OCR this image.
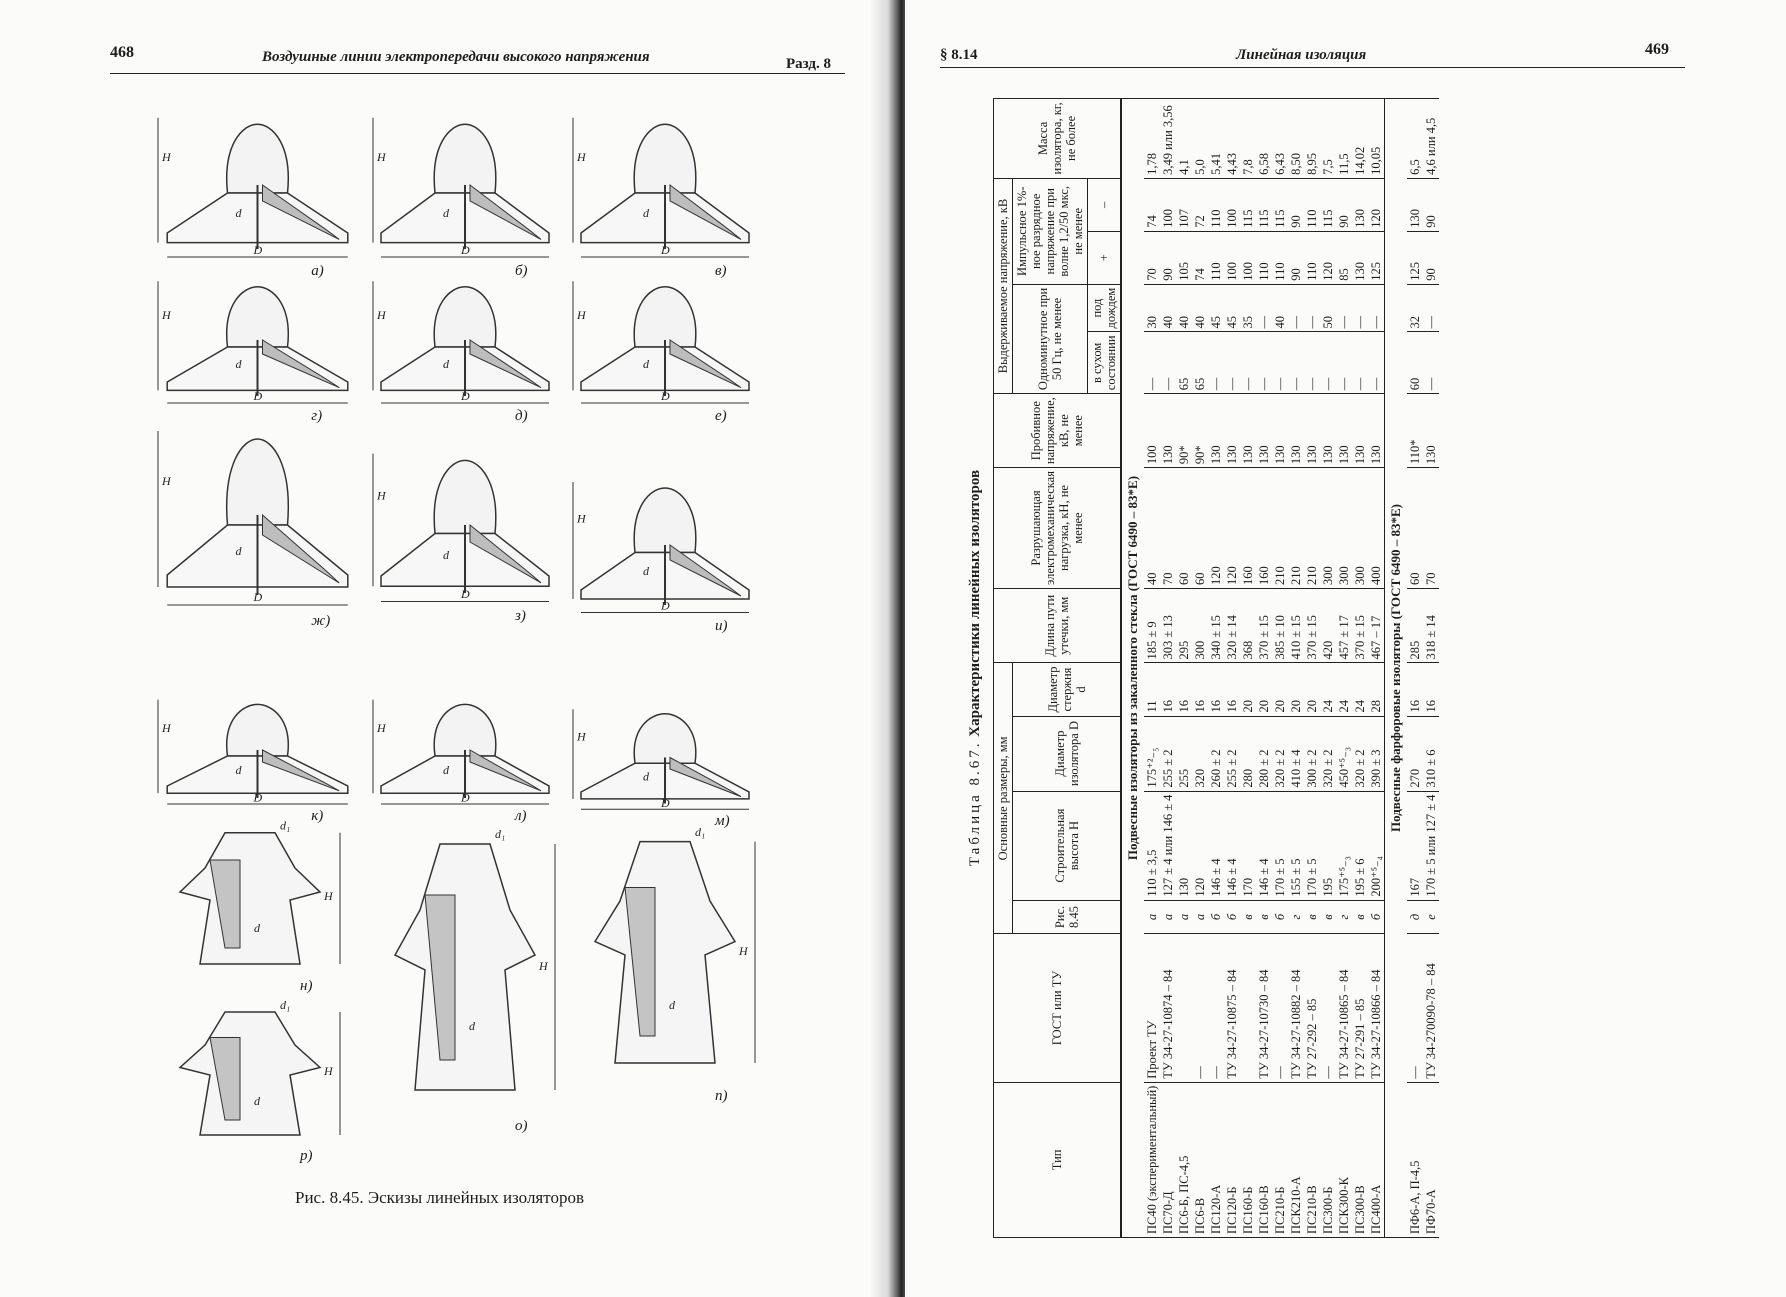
468	Воздушные линии электропередачи высокого напряжения	Разд. 8
H
D
d
а)
H
D
d
б)
H
D
d
в)
H
D
d
г)
H
D
d
д)
H
D
d
е)
H
D
d
ж)
H
D
d
з)
H
D
d
и)
H
D
d
к)
H
D
d
л)
H
D
d
м)
H
d
d₁
н)
H
d
d₁
о)
H
d
d₁
п)
H
d
d₁
р)
Рис. 8.45. Эскизы линейных изоляторов
§ 8.14	Линейная изоляция	469
Таблица 8.67. Характеристики линейных изоляторов
Тип	ГОСТ или ТУ	Основные размеры, мм				Длина пути утечки, мм	Разрушающая электромеханическая нагрузка, кН, не менее	Пробивное напряжение, кВ, не менее	Выдерживаемое напряжение, кВ				Масса изолятора, кг, не более
		Рис. 8.45	Строительная высота H	Диаметр изолятора D	Диаметр стержня d				Одноминутное при 50 Гц, не менее		Импульсное 1%-ное разрядное напряжение при волне 1,2/50 мкс, не менее		
									в сухом состоянии	под дождем	+	–	
Подвесные изоляторы из закаленного стекла (ГОСТ 6490 – 83*Е)													
ПС40 (экспериментальный)	Проект ТУ	а	110 ± 3,5	175⁺²₋₅	11	185 ± 9	40	100	—	30	70	74	1,78
ПС70-Д	ТУ 34-27-10874 – 84	а	127 ± 4 или 146 ± 4	255 ± 2	16	303 ± 13	70	130	—	40	90	100	3,49 или 3,56
ПС6-Б, ПС-4,5		а	130	255	16	295	60	90*	65	40	105	107	4,1
ПС6-В	—	а	120	320	16	300	60	90*	65	40	74	72	5,0
ПС120-А	—	б	146 ± 4	260 ± 2	16	340 ± 15	120	130	—	45	110	110	5,41
ПС120-Б	ТУ 34-27-10875 – 84	б	146 ± 4	255 ± 2	16	320 ± 14	120	130	—	45	100	100	4,43
ПС160-Б		в	170	280	20	368	160	130	—	35	100	115	7,8
ПС160-В	ТУ 34-27-10730 – 84	в	146 ± 4	280 ± 2	20	370 ± 15	160	130	—	—	110	115	6,58
ПС210-Б	—	б	170 ± 5	320 ± 2	20	385 ± 10	210	130	—	40	110	115	6,43
ПСК210-А	ТУ 34-27-10882 – 84	г	155 ± 5	410 ± 4	20	410 ± 15	210	130	—	—	90	90	8,50
ПС210-В	ТУ 27-292 – 85	в	170 ± 5	300 ± 2	20	370 ± 15	210	130	—	—	110	110	8,95
ПС300-Б	—	в	195	320 ± 2	24	420	300	130	—	50	120	115	7,5
ПСК300-К	ТУ 34-27-10865 – 84	г	175⁺⁵₋₃	450⁺⁵₋₃	24	457 ± 17	300	130	—	—	85	90	11,5
ПС300-В	ТУ 27-291 – 85	в	195 ± 6	320 ± 2	24	370 ± 15	300	130	—	—	130	130	14,02
ПС400-А	ТУ 34-27-10866 – 84	б	200⁺⁵₋₄	390 ± 3	28	467 – 17	400	130	—	—	125	120	10,05
Подвесные фарфоровые изоляторы (ГОСТ 6490 – 83*Е)													
ПФ6-А, П-4,5	—	д	167	270	16	285	60	110*	60	32	125	130	6,5
ПФ70-А	ТУ 34-270090-78 – 84	е	170 ± 5 или 127 ± 4	310 ± 6	16	318 ± 14	70	130	—	—	90	90	4,6 или 4,5
